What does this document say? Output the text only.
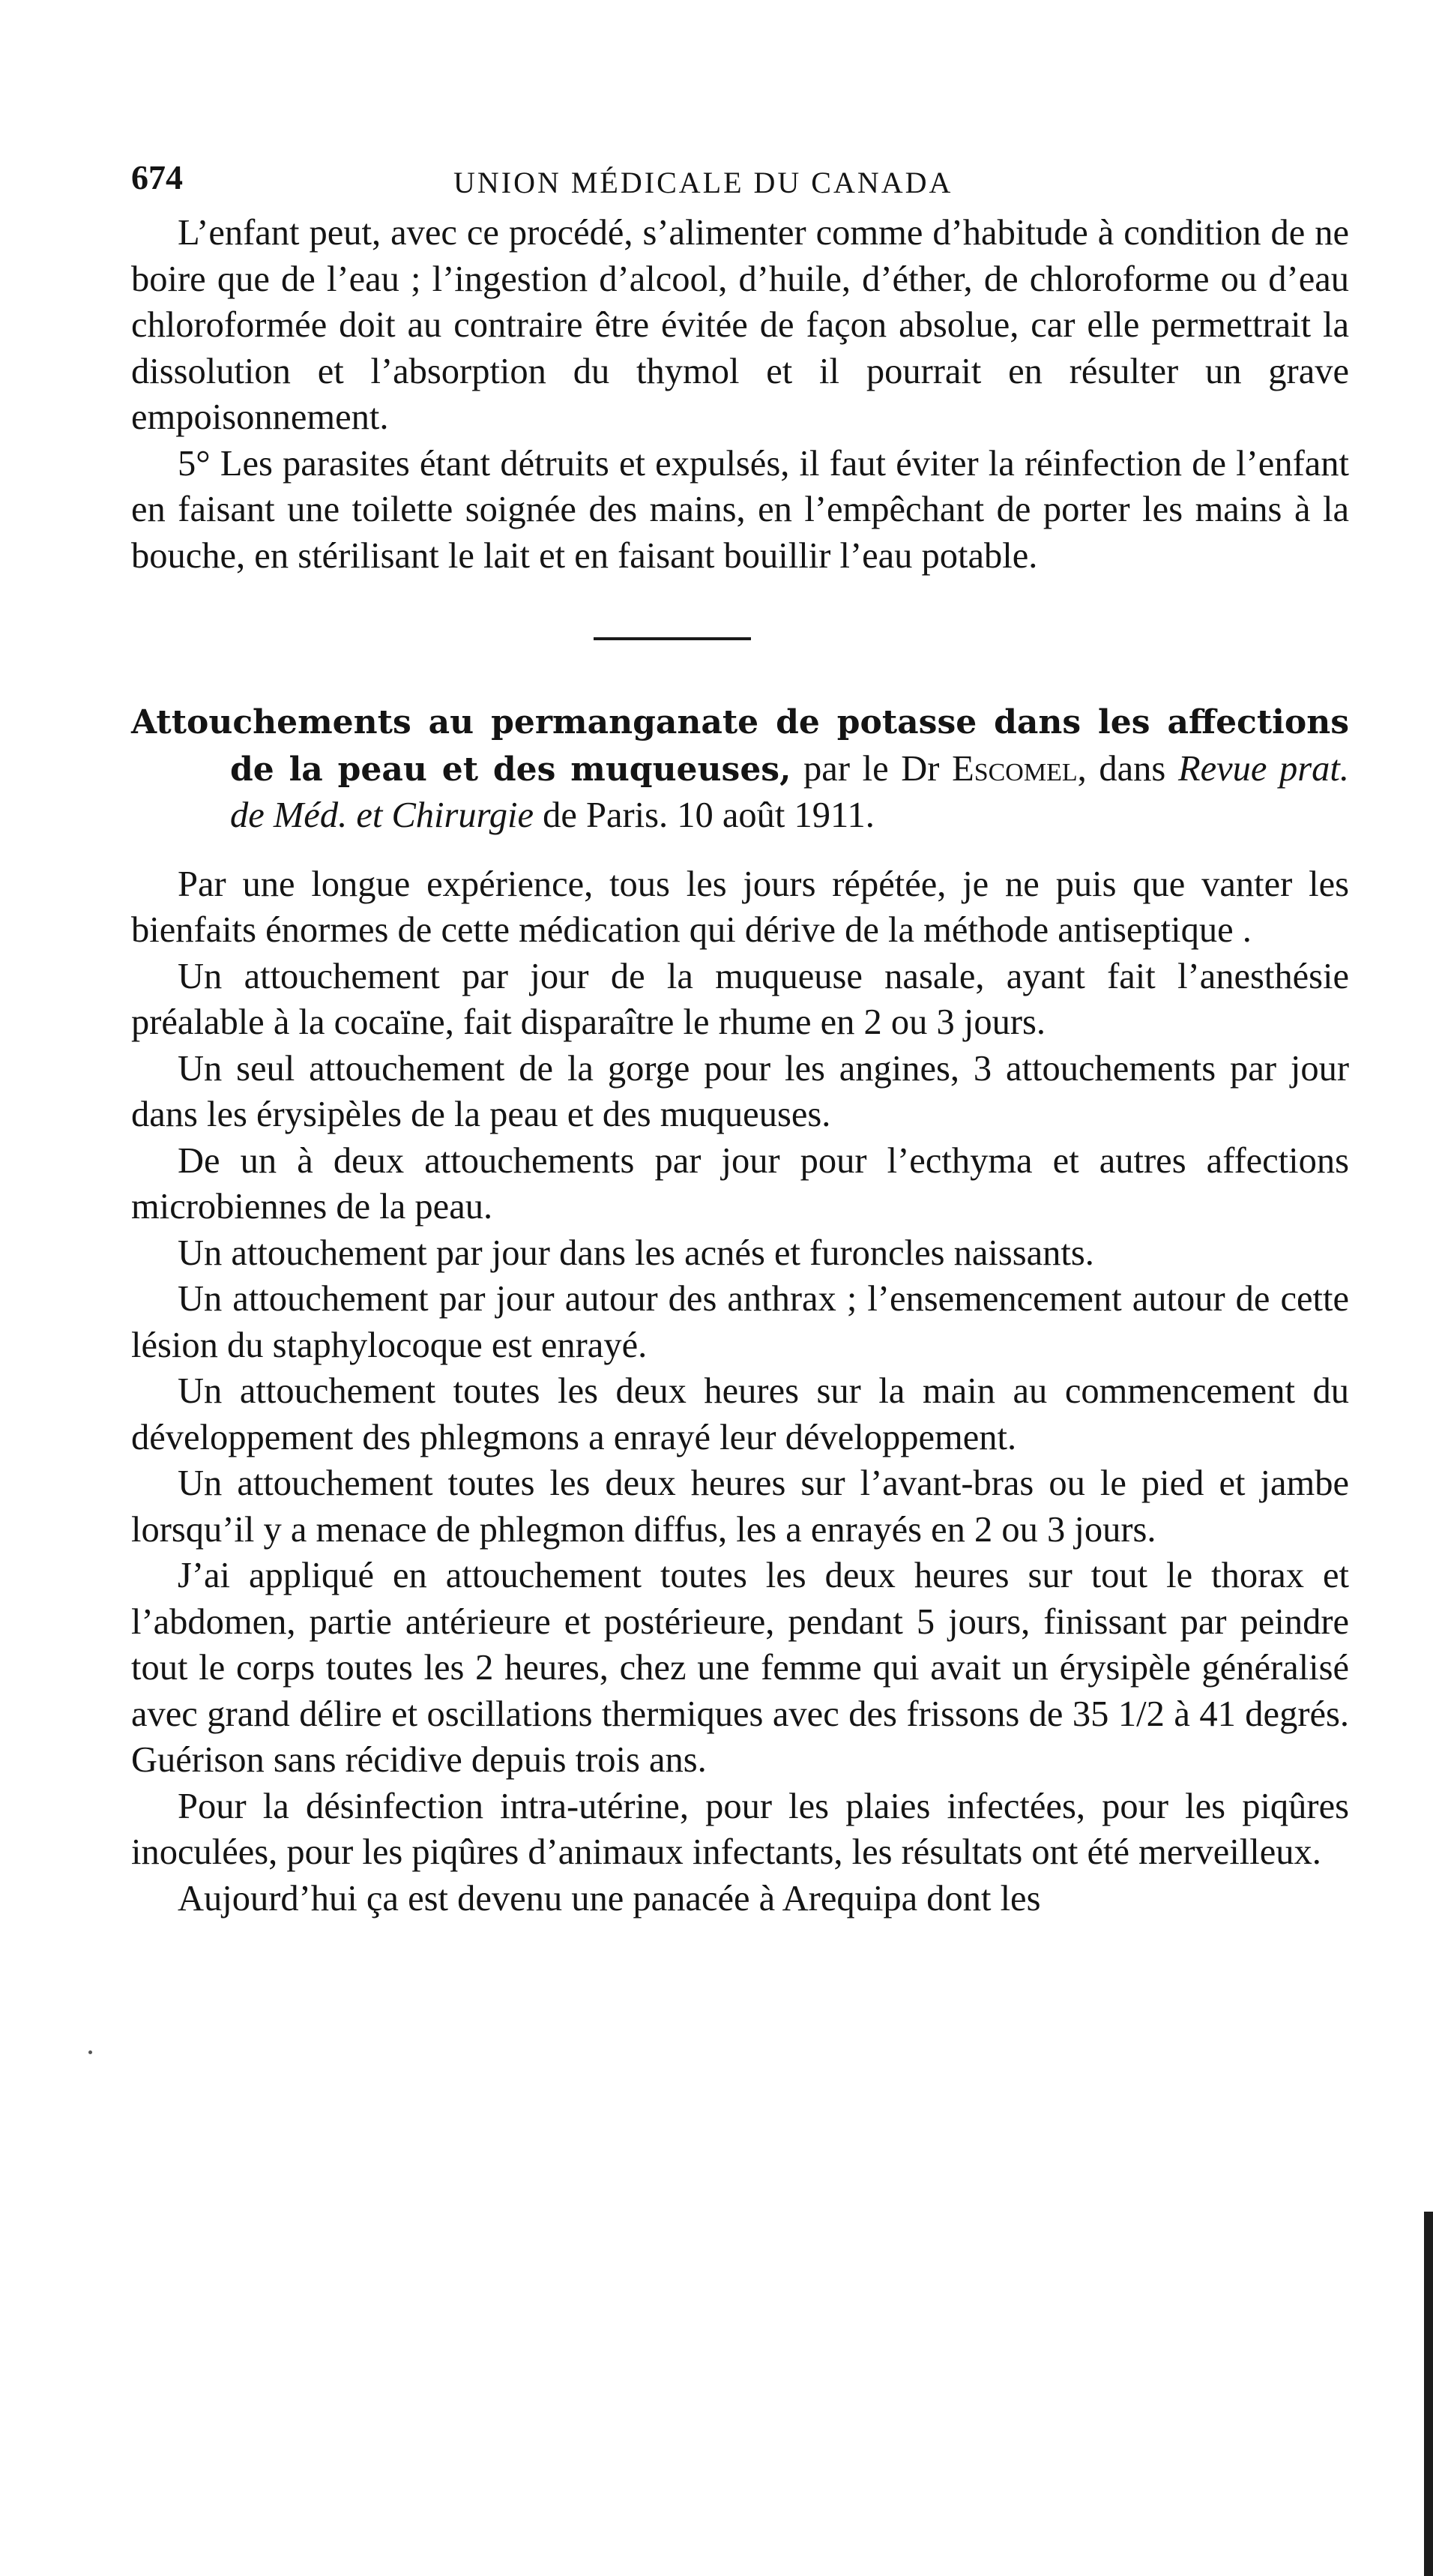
674	UNION MÉDICALE DU CANADA

L’enfant peut, avec ce procédé, s’alimenter comme d’habitude à condition de ne boire que de l’eau ; l’ingestion d’alcool, d’huile, d’éther, de chloroforme ou d’eau chloroformée doit au contraire être évitée de façon absolue, car elle permettrait la dissolution et l’absorption du thymol et il pourrait en résulter un grave empoisonnement.

5° Les parasites étant détruits et expulsés, il faut éviter la réinfection de l’enfant en faisant une toilette soignée des mains, en l’empêchant de porter les mains à la bouche, en stérilisant le lait et en faisant bouillir l’eau potable.

Attouchements au permanganate de potasse dans les affections de la peau et des muqueuses, par le Dr Escomel, dans Revue prat. de Méd. et Chirurgie de Paris. 10 août 1911.

Par une longue expérience, tous les jours répétée, je ne puis que vanter les bienfaits énormes de cette médication qui dérive de la méthode antiseptique .

Un attouchement par jour de la muqueuse nasale, ayant fait l’anesthésie préalable à la cocaïne, fait disparaître le rhume en 2 ou 3 jours.

Un seul attouchement de la gorge pour les angines, 3 attouchements par jour dans les érysipèles de la peau et des muqueuses.

De un à deux attouchements par jour pour l’ecthyma et autres affections microbiennes de la peau.

Un attouchement par jour dans les acnés et furoncles naissants.

Un attouchement par jour autour des anthrax ; l’ensemencement autour de cette lésion du staphylocoque est enrayé.

Un attouchement toutes les deux heures sur la main au commencement du développement des phlegmons a enrayé leur développement.

Un attouchement toutes les deux heures sur l’avant-bras ou le pied et jambe lorsqu’il y a menace de phlegmon diffus, les a enrayés en 2 ou 3 jours.

J’ai appliqué en attouchement toutes les deux heures sur tout le thorax et l’abdomen, partie antérieure et postérieure, pendant 5 jours, finissant par peindre tout le corps toutes les 2 heures, chez une femme qui avait un érysipèle généralisé avec grand délire et oscillations thermiques avec des frissons de 35 1/2 à 41 degrés. Guérison sans récidive depuis trois ans.

Pour la désinfection intra-utérine, pour les plaies infectées, pour les piqûres inoculées, pour les piqûres d’animaux infectants, les résultats ont été merveilleux.

Aujourd’hui ça est devenu une panacée à Arequipa dont les
